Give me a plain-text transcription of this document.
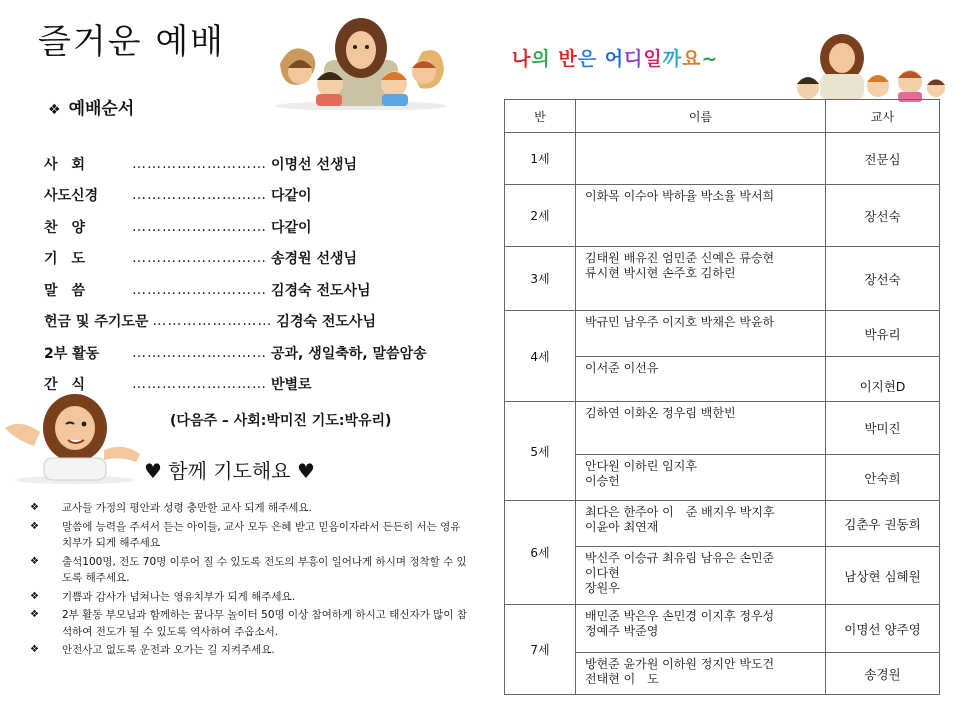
즐거운 예배
❖ 예배순서
사　회	……………………… 이명선 선생님
사도신경	……………………… 다같이
찬　양	……………………… 다같이
기　도	……………………… 송경원 선생님
말　씀	……………………… 김경숙 전도사님
헌금 및 주기도문 …………………… 김경숙 전도사님
2부 활동	……………………… 공과, 생일축하, 말씀암송
간　식	……………………… 반별로
(다음주 – 사회:박미진 기도:박유리)
♥ 함께 기도해요 ♥
❖ 교사들 가정의 평안과 성령 충만한 교사 되게 해주세요.
❖ 말씀에 능력을 주셔서 듣는 아이들, 교사 모두 은혜 받고 믿음이자라서 든든히 서는 영유치부가 되게 해주세요
❖ 출석100명, 전도 70명 이루어 질 수 있도록 전도의 부흥이 일어나게 하시며 정착할 수 있도록 해주세요.
❖ 기쁨과 감사가 넘쳐나는 영유치부가 되게 해주세요.
❖ 2부 활동 부모님과 함께하는 꿈나무 놀이터 50명 이상 참여하게 하시고 태신자가 많이 참석하여 전도가 될 수 있도록 역사하여 주옵소서.
❖ 안전사고 없도록 운전과 오가는 길 지켜주세요.
나의 반은 어디일까요~
반	이름	교사
1세		전문심
2세	이화목 이수아 박하율 박소율 박서희	장선숙
3세	김태원 배유진 엄민준 신예은 류승현
류시현 박시현 손주호 김하린	장선숙
4세	박규민 남우주 이지호 박채은 박윤하	박유리
	이서준 이선유	이지현D
5세	김하연 이화온 정우림 백한빈	박미진
	안다원 이하린 임지후
이승헌	안숙희
6세	최다은 한주아 이　준 배지우 박지후
이윤아 최연재	김춘우 권동희
	박신주 이승규 최유림 남유은 손민준
이다현
장원우	남상현 심혜원
7세	배민준 박은우 손민경 이지후 정우성
정예주 박준영	이명선 양주영
	방현준 윤가원 이하원 정지안 박도건
전태현 이　도	송경원
